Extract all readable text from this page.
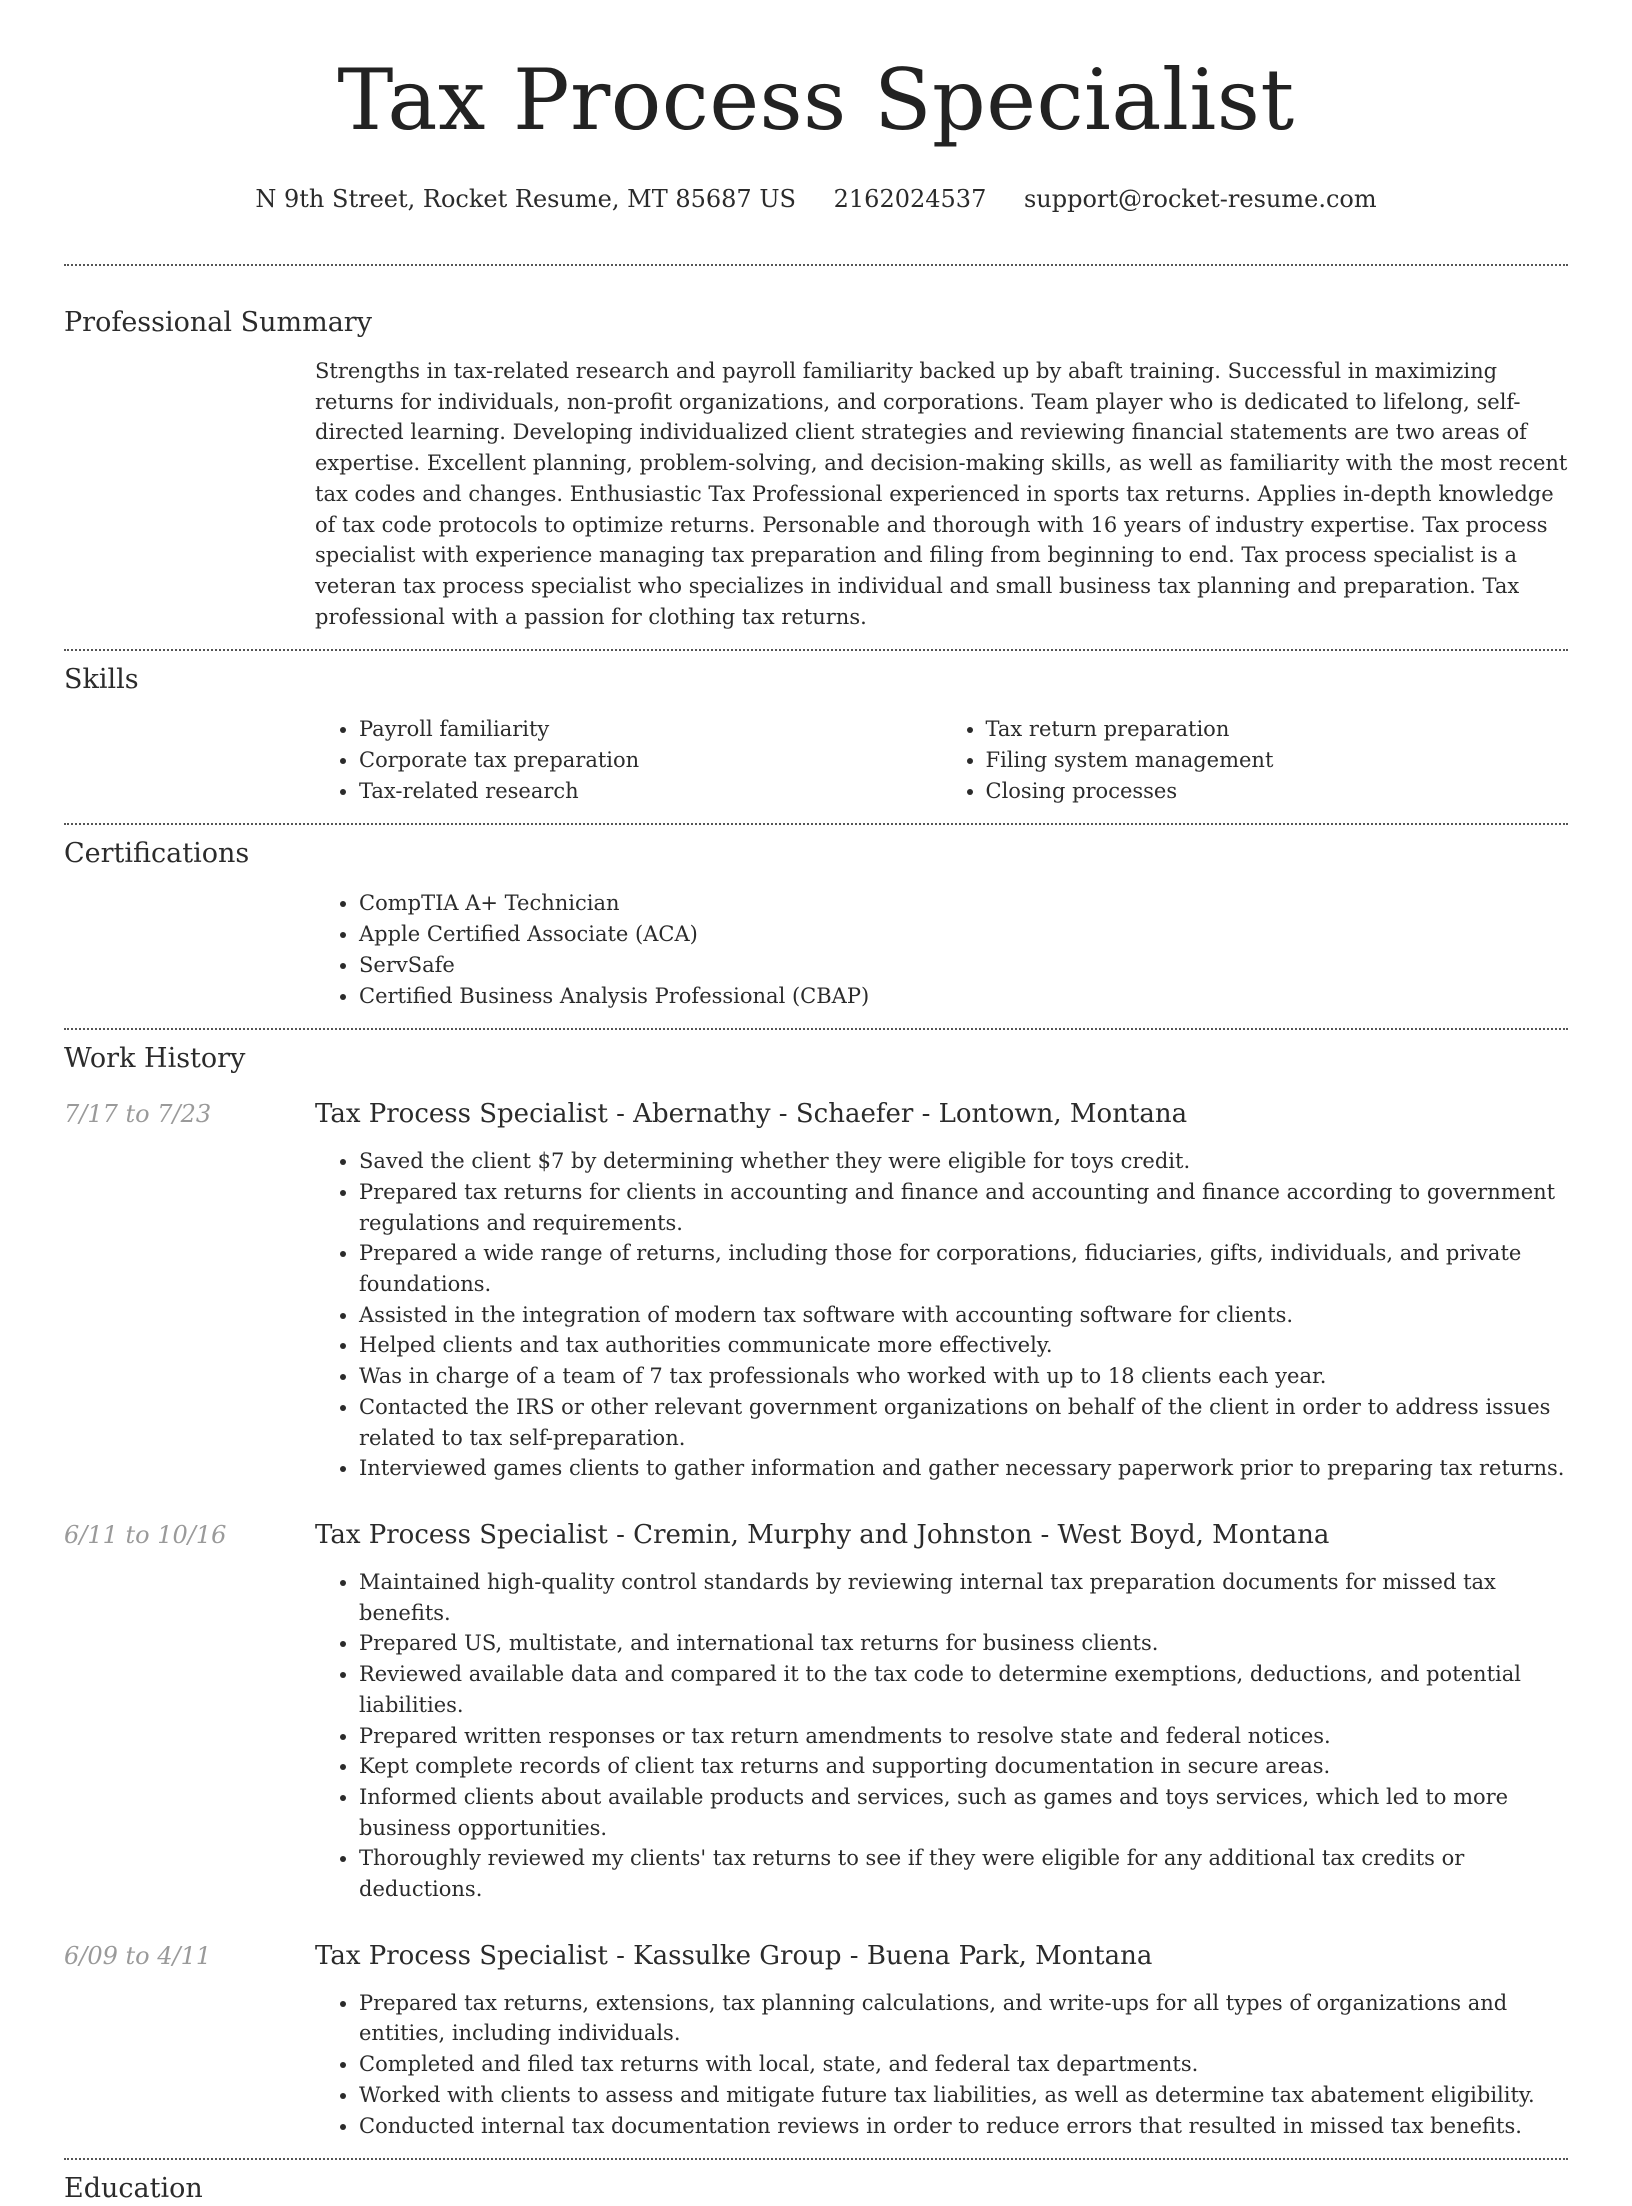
Tax Process Specialist
N 9th Street, Rocket Resume, MT 85687 US 2162024537 support@rocket-resume.com
Professional Summary
Strengths in tax-related research and payroll familiarity backed up by abaft training. Successful in maximizing returns for individuals, non-profit organizations, and corporations. Team player who is dedicated to lifelong, self-directed learning. Developing individualized client strategies and reviewing financial statements are two areas of expertise. Excellent planning, problem-solving, and decision-making skills, as well as familiarity with the most recent tax codes and changes. Enthusiastic Tax Professional experienced in sports tax returns. Applies in-depth knowledge of tax code protocols to optimize returns. Personable and thorough with 16 years of industry expertise. Tax process specialist with experience managing tax preparation and filing from beginning to end. Tax process specialist is a veteran tax process specialist who specializes in individual and small business tax planning and preparation. Tax professional with a passion for clothing tax returns.
Skills
• Payroll familiarity
• Corporate tax preparation
• Tax-related research
• Tax return preparation
• Filing system management
• Closing processes
Certifications
• CompTIA A+ Technician
• Apple Certified Associate (ACA)
• ServSafe
• Certified Business Analysis Professional (CBAP)
Work History
7/17 to 7/23	Tax Process Specialist - Abernathy - Schaefer - Lontown, Montana
• Saved the client $7 by determining whether they were eligible for toys credit.
• Prepared tax returns for clients in accounting and finance and accounting and finance according to government regulations and requirements.
• Prepared a wide range of returns, including those for corporations, fiduciaries, gifts, individuals, and private foundations.
• Assisted in the integration of modern tax software with accounting software for clients.
• Helped clients and tax authorities communicate more effectively.
• Was in charge of a team of 7 tax professionals who worked with up to 18 clients each year.
• Contacted the IRS or other relevant government organizations on behalf of the client in order to address issues related to tax self-preparation.
• Interviewed games clients to gather information and gather necessary paperwork prior to preparing tax returns.
6/11 to 10/16	Tax Process Specialist - Cremin, Murphy and Johnston - West Boyd, Montana
• Maintained high-quality control standards by reviewing internal tax preparation documents for missed tax benefits.
• Prepared US, multistate, and international tax returns for business clients.
• Reviewed available data and compared it to the tax code to determine exemptions, deductions, and potential liabilities.
• Prepared written responses or tax return amendments to resolve state and federal notices.
• Kept complete records of client tax returns and supporting documentation in secure areas.
• Informed clients about available products and services, such as games and toys services, which led to more business opportunities.
• Thoroughly reviewed my clients' tax returns to see if they were eligible for any additional tax credits or deductions.
6/09 to 4/11	Tax Process Specialist - Kassulke Group - Buena Park, Montana
• Prepared tax returns, extensions, tax planning calculations, and write-ups for all types of organizations and entities, including individuals.
• Completed and filed tax returns with local, state, and federal tax departments.
• Worked with clients to assess and mitigate future tax liabilities, as well as determine tax abatement eligibility.
• Conducted internal tax documentation reviews in order to reduce errors that resulted in missed tax benefits.
Education
